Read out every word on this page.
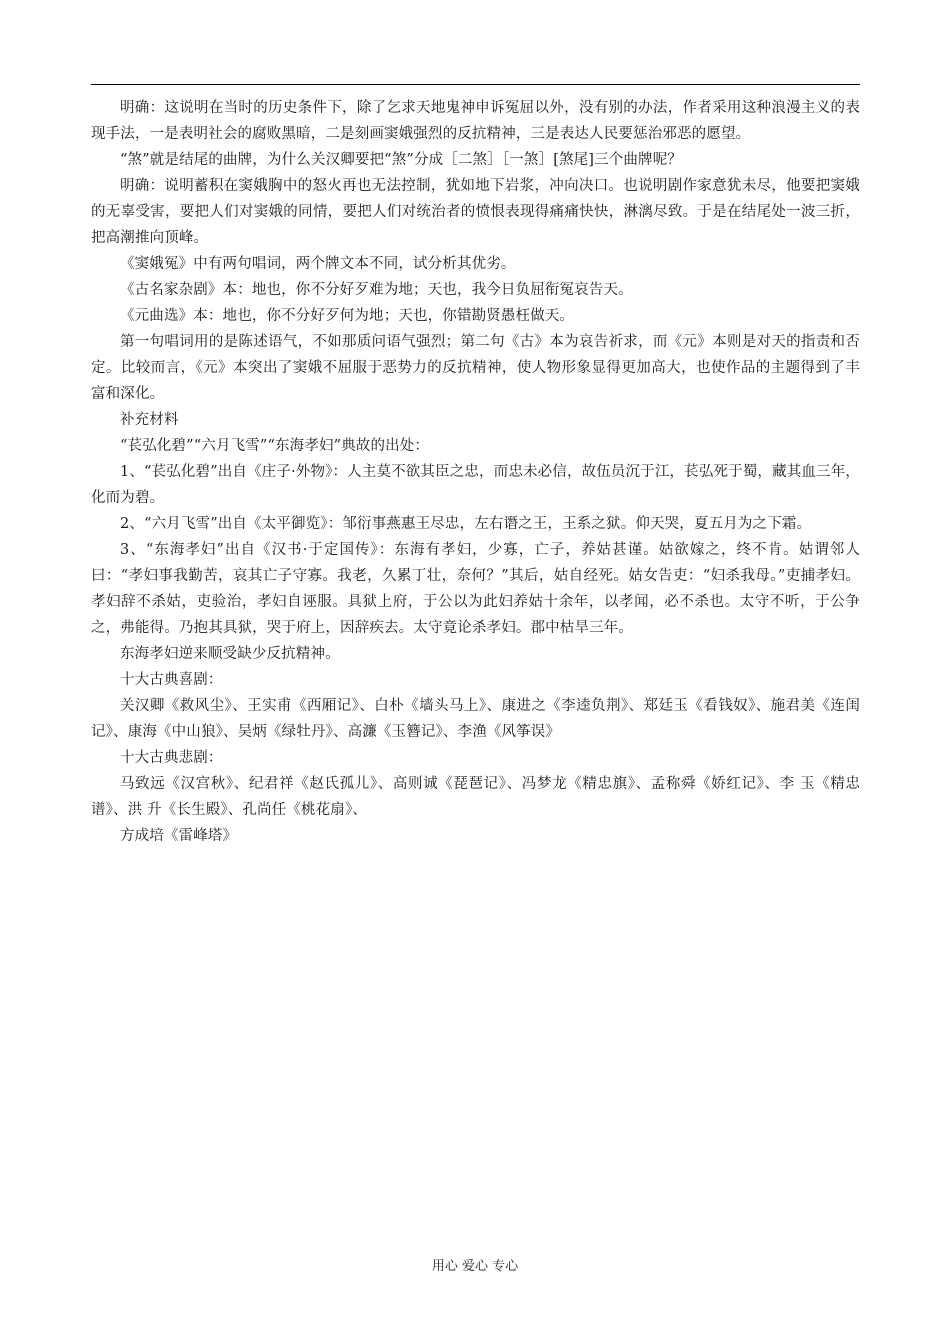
明确：这说明在当时的历史条件下，除了乞求天地鬼神申诉冤屈以外，没有别的办法，作者采用这种浪漫主义的表现手法，一是表明社会的腐败黑暗，二是刻画窦娥强烈的反抗精神，三是表达人民要惩治邪恶的愿望。

“煞”就是结尾的曲牌，为什么关汉卿要把“煞”分成［二煞］［一煞］[煞尾]三个曲牌呢？

明确：说明蓄积在窦娥胸中的怒火再也无法控制，犹如地下岩浆，冲向决口。也说明剧作家意犹未尽，他要把窦娥的无辜受害，要把人们对窦娥的同情，要把人们对统治者的愤恨表现得痛痛快快，淋漓尽致。于是在结尾处一波三折，把高潮推向顶峰。

《窦娥冤》中有两句唱词，两个牌文本不同，试分析其优劣。

《古名家杂剧》本：地也，你不分好歹难为地；天也，我今日负屈衔冤哀告天。

《元曲选》本：地也，你不分好歹何为地；天也，你错勘贤愚枉做天。

第一句唱词用的是陈述语气，不如那质问语气强烈；第二句《古》本为哀告祈求，而《元》本则是对天的指责和否定。比较而言，《元》本突出了窦娥不屈服于恶势力的反抗精神，使人物形象显得更加高大，也使作品的主题得到了丰富和深化。

补充材料

“苌弘化碧”“六月飞雪”“东海孝妇”典故的出处：

1、“苌弘化碧”出自《庄子·外物》：人主莫不欲其臣之忠，而忠未必信，故伍员沉于江，苌弘死于蜀，藏其血三年，化而为碧。

2、“六月飞雪”出自《太平御览》：邹衍事燕惠王尽忠，左右谮之王，王系之狱。仰天哭，夏五月为之下霜。

3、“东海孝妇”出自《汉书·于定国传》：东海有孝妇，少寡，亡子，养姑甚谨。姑欲嫁之，终不肯。姑谓邻人曰：“孝妇事我勤苦，哀其亡子守寡。我老，久累丁壮，奈何？”其后，姑自经死。姑女告吏：“妇杀我母。”吏捕孝妇。孝妇辞不杀姑，吏验治，孝妇自诬服。具狱上府，于公以为此妇养姑十余年，以孝闻，必不杀也。太守不听，于公争之，弗能得。乃抱其具狱，哭于府上，因辞疾去。太守竟论杀孝妇。郡中枯旱三年。

东海孝妇逆来顺受缺少反抗精神。

十大古典喜剧：

关汉卿《救风尘》、王实甫《西厢记》、白朴《墙头马上》、康进之《李逵负荆》、郑廷玉《看钱奴》、施君美《连闺记》、康海《中山狼》、吴炳《绿牡丹》、高濂《玉簪记》、李渔《风筝误》

十大古典悲剧：

马致远《汉宫秋》、纪君祥《赵氏孤儿》、高则诚《琵琶记》、冯梦龙《精忠旗》、孟称舜《娇红记》、李 玉《精忠谱》、洪 升《长生殿》、孔尚任《桃花扇》、

方成培《雷峰塔》

用心 爱心 专心
